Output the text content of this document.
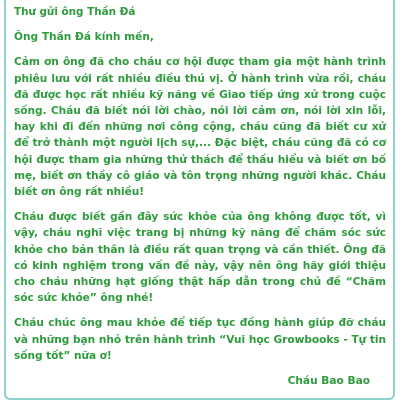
Thư gửi ông Thần Đá

Ông Thần Đá kính mến,

Cảm ơn ông đã cho cháu cơ hội được tham gia một hành trình phiêu lưu với rất nhiều điều thú vị. Ở hành trình vừa rồi, cháu đã được học rất nhiều kỹ năng về Giao tiếp ứng xử trong cuộc sống. Cháu đã biết nói lời chào, nói lời cảm ơn, nói lời xin lỗi, hay khi đi đến những nơi công cộng, cháu cũng đã biết cư xử để trở thành một người lịch sự,... Đặc biệt, cháu cũng đã có cơ hội được tham gia những thử thách để thấu hiểu và biết ơn bố mẹ, biết ơn thầy cô giáo và tôn trọng những người khác. Cháu biết ơn ông rất nhiều!

Cháu được biết gần đây sức khỏe của ông không được tốt, vì vậy, cháu nghĩ việc trang bị những kỹ năng để chăm sóc sức khỏe cho bản thân là điều rất quan trọng và cần thiết. Ông đã có kinh nghiệm trong vấn đề này, vậy nên ông hãy giới thiệu cho cháu những hạt giống thật hấp dẫn trong chủ đề “Chăm sóc sức khỏe” ông nhé!

Cháu chúc ông mau khỏe để tiếp tục đồng hành giúp đỡ cháu và những bạn nhỏ trên hành trình “Vui học Growbooks - Tự tin sống tốt” nữa ơ!

Cháu Bao Bao
